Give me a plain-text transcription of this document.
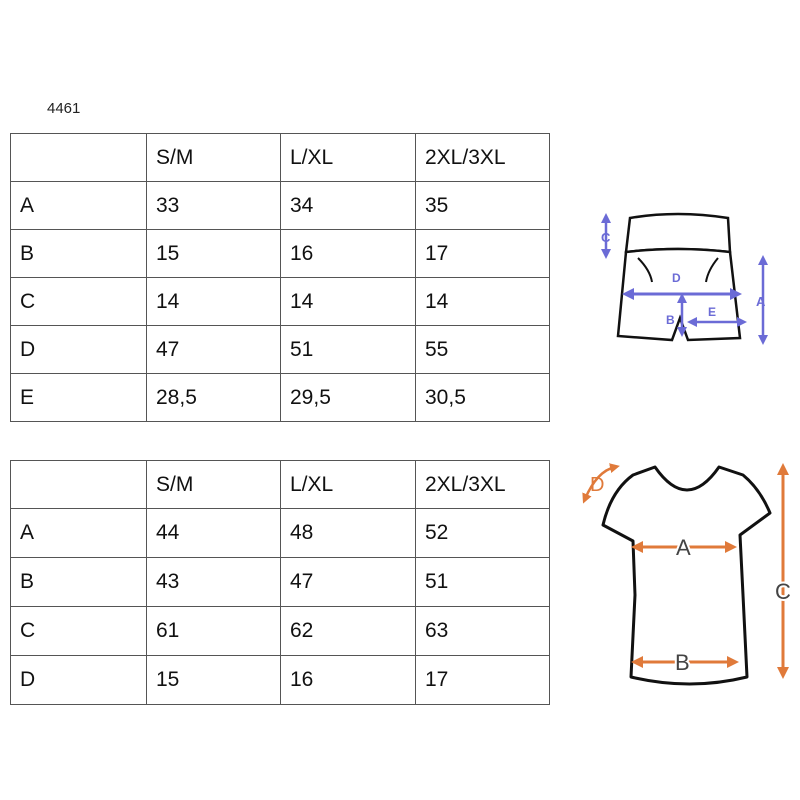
4461
	S/M	L/XL	2XL/3XL
A	33	34	35
B	15	16	17
C	14	14	14
D	47	51	55
E	28,5	29,5	30,5
	S/M	L/XL	2XL/3XL
A	44	48	52
B	43	47	51
C	61	62	63
D	15	16	17
C
A
D
B
E
D
A
B
C
